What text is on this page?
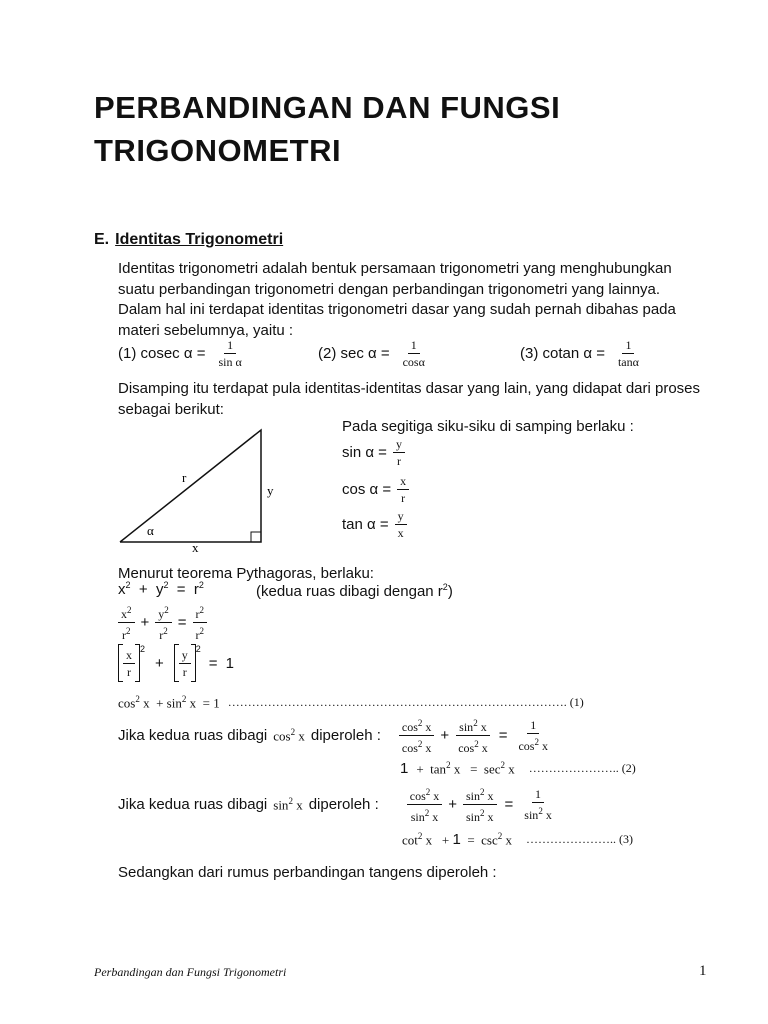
PERBANDINGAN DAN FUNGSI
TRIGONOMETRI
E. Identitas Trigonometri
Identitas trigonometri adalah bentuk persamaan trigonometri yang menghubungkan
suatu perbandingan trigonometri dengan perbandingan trigonometri yang lainnya.
Dalam hal ini terdapat identitas trigonometri dasar yang sudah pernah dibahas pada
materi sebelumnya, yaitu :
(1) cosec $\alpha = \frac{1}{\text{sin α}}$	(2) $\sec \alpha = \frac{1}{\cos\alpha}$	(3) cotan $\alpha = \frac{1}{\tan\alpha}$
Disamping itu terdapat pula identitas-identitas dasar yang lain, yang didapat dari proses
sebagai berikut:
r
y
x
α
Pada segitiga siku-siku di samping berlaku :
$\sin \alpha = \frac{y}{r}$
$\cos \alpha = \frac{x}{r}$
$\tan \alpha = \frac{y}{x}$
Menurut teorema Pythagoras, berlaku:
$x^2 + y^2 = r^2$	(kedua ruas dibagi dengan $r^2$)
$\frac{x^2}{r^2} + \frac{y^2}{r^2} = \frac{r^2}{r^2}$
$\frac{x}{r} ^2$
+ $\frac{y}{r} ^2$
= 1
$\cos^2 x + \sin^2 x = 1$ …………………………………………………………………………. (1)
Jika kedua ruas dibagi $\cos^2 x$ diperoleh : $\frac{\cos^2 x}{\cos^2 x} + \frac{\sin^2 x}{\cos^2 x} = \frac{1}{\cos^2 x}$
$1 + \tan^2 x = \sec^2 x$ ………………….. (2)
Jika kedua ruas dibagi $\sin^2 x$ diperoleh : $\frac{\cos^2 x}{\sin^2 x} + \frac{\sin^2 x}{\sin^2 x} = \frac{1}{\sin^2 x}$
$\cot^2 x + 1 = \csc^2 x$ ………………….. (3)
Sedangkan dari rumus perbandingan tangens diperoleh :
Perbandingan dan Fungsi Trigonometri	1
